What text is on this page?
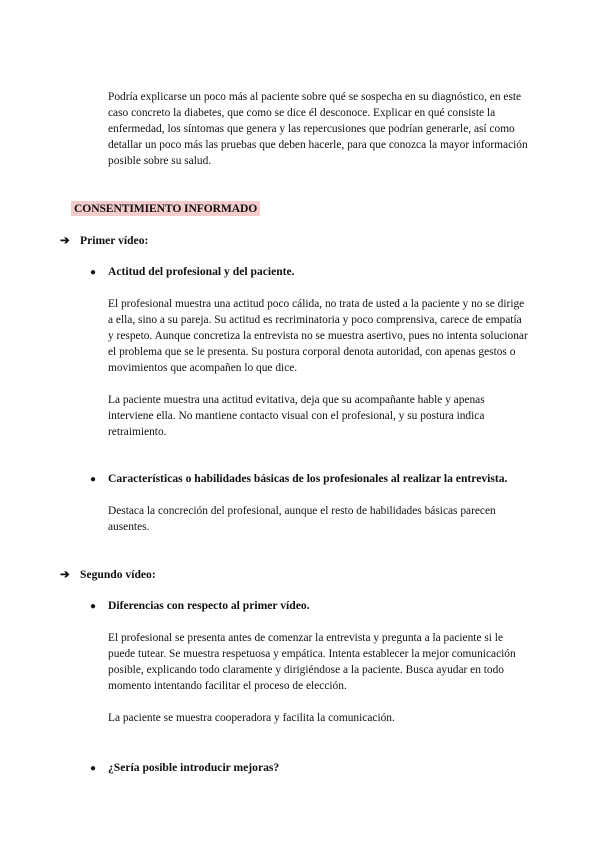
Podría explicarse un poco más al paciente sobre qué se sospecha en su diagnóstico, en este caso concreto la diabetes, que como se dice él desconoce. Explicar en qué consiste la enfermedad, los síntomas que genera y las repercusiones que podrían generarle, así como detallar un poco más las pruebas que deben hacerle, para que conozca la mayor información posible sobre su salud.

CONSENTIMIENTO INFORMADO
➔ Primer vídeo:
● Actitud del profesional y del paciente.

El profesional muestra una actitud poco cálida, no trata de usted a la paciente y no se dirige a ella, sino a su pareja. Su actitud es recriminatoria y poco comprensiva, carece de empatía y respeto. Aunque concretiza la entrevista no se muestra asertivo, pues no intenta solucionar el problema que se le presenta. Su postura corporal denota autoridad, con apenas gestos o movimientos que acompañen lo que dice.

La paciente muestra una actitud evitativa, deja que su acompañante hable y apenas interviene ella. No mantiene contacto visual con el profesional, y su postura indica retraimiento.

● Características o habilidades básicas de los profesionales al realizar la entrevista.

Destaca la concreción del profesional, aunque el resto de habilidades básicas parecen ausentes.

➔ Segundo vídeo:
● Diferencias con respecto al primer vídeo.

El profesional se presenta antes de comenzar la entrevista y pregunta a la paciente si le puede tutear. Se muestra respetuosa y empática. Intenta establecer la mejor comunicación posible, explicando todo claramente y dirigiéndose a la paciente. Busca ayudar en todo momento intentando facilitar el proceso de elección.

La paciente se muestra cooperadora y facilita la comunicación.

● ¿Sería posible introducir mejoras?
